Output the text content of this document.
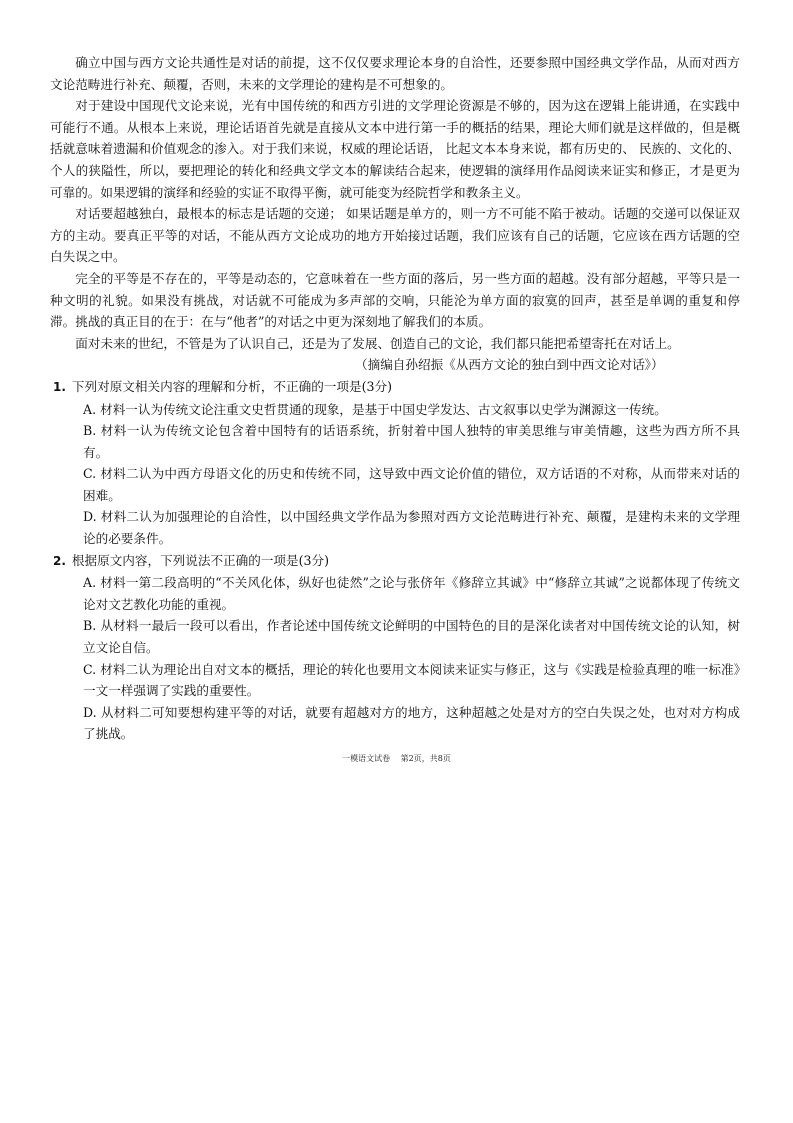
确立中国与西方文论共通性是对话的前提，这不仅仅要求理论本身的自洽性，还要参照中国经典文学作品，从而对西方文论范畴进行补充、颠覆，否则，未来的文学理论的建构是不可想象的。

对于建设中国现代文论来说，光有中国传统的和西方引进的文学理论资源是不够的，因为这在逻辑上能讲通，在实践中可能行不通。从根本上来说，理论话语首先就是直接从文本中进行第一手的概括的结果，理论大师们就是这样做的，但是概括就意味着遗漏和价值观念的渗入。对于我们来说，权威的理论话语， 比起文本本身来说，都有历史的、 民族的、文化的、个人的狭隘性，所以，要把理论的转化和经典文学文本的解读结合起来，使逻辑的演绎用作品阅读来证实和修正，才是更为可靠的。如果逻辑的演绎和经验的实证不取得平衡，就可能变为经院哲学和教条主义。

对话要超越独白，最根本的标志是话题的交递； 如果话题是单方的，则一方不可能不陷于被动。话题的交递可以保证双方的主动。要真正平等的对话，不能从西方文论成功的地方开始接过话题，我们应该有自己的话题，它应该在西方话题的空白失误之中。

完全的平等是不存在的，平等是动态的，它意味着在一些方面的落后，另一些方面的超越。没有部分超越，平等只是一种文明的礼貌。如果没有挑战，对话就不可能成为多声部的交响，只能沦为单方面的寂寞的回声，甚至是单调的重复和停滞。挑战的真正目的在于：在与“他者”的对话之中更为深刻地了解我们的本质。

面对未来的世纪，不管是为了认识自己，还是为了发展、创造自己的文论，我们都只能把希望寄托在对话上。

（摘编自孙绍振《从西方文论的独白到中西文论对话》）

1. 下列对原文相关内容的理解和分析，不正确的一项是(3分)

A. 材料一认为传统文论注重文史哲贯通的现象，是基于中国史学发达、古文叙事以史学为渊源这一传统。

B. 材料一认为传统文论包含着中国特有的话语系统，折射着中国人独特的审美思维与审美情趣，这些为西方所不具有。

C. 材料二认为中西方母语文化的历史和传统不同，这导致中西文论价值的错位，双方话语的不对称，从而带来对话的困难。

D. 材料二认为加强理论的自洽性，以中国经典文学作品为参照对西方文论范畴进行补充、颠覆，是建构未来的文学理论的必要条件。

2. 根据原文内容，下列说法不正确的一项是(3分)

A. 材料一第二段高明的“不关风化体，纵好也徒然”之论与张侪年《修辞立其诚》中“修辞立其诚”之说都体现了传统文论对文艺教化功能的重视。

B. 从材料一最后一段可以看出，作者论述中国传统文论鲜明的中国特色的目的是深化读者对中国传统文论的认知，树立文论自信。

C. 材料二认为理论出自对文本的概括，理论的转化也要用文本阅读来证实与修正，这与《实践是检验真理的唯一标准》一文一样强调了实践的重要性。

D. 从材料二可知要想构建平等的对话，就要有超越对方的地方，这种超越之处是对方的空白失误之处，也对对方构成了挑战。

一模语文试卷 第2页，共8页
